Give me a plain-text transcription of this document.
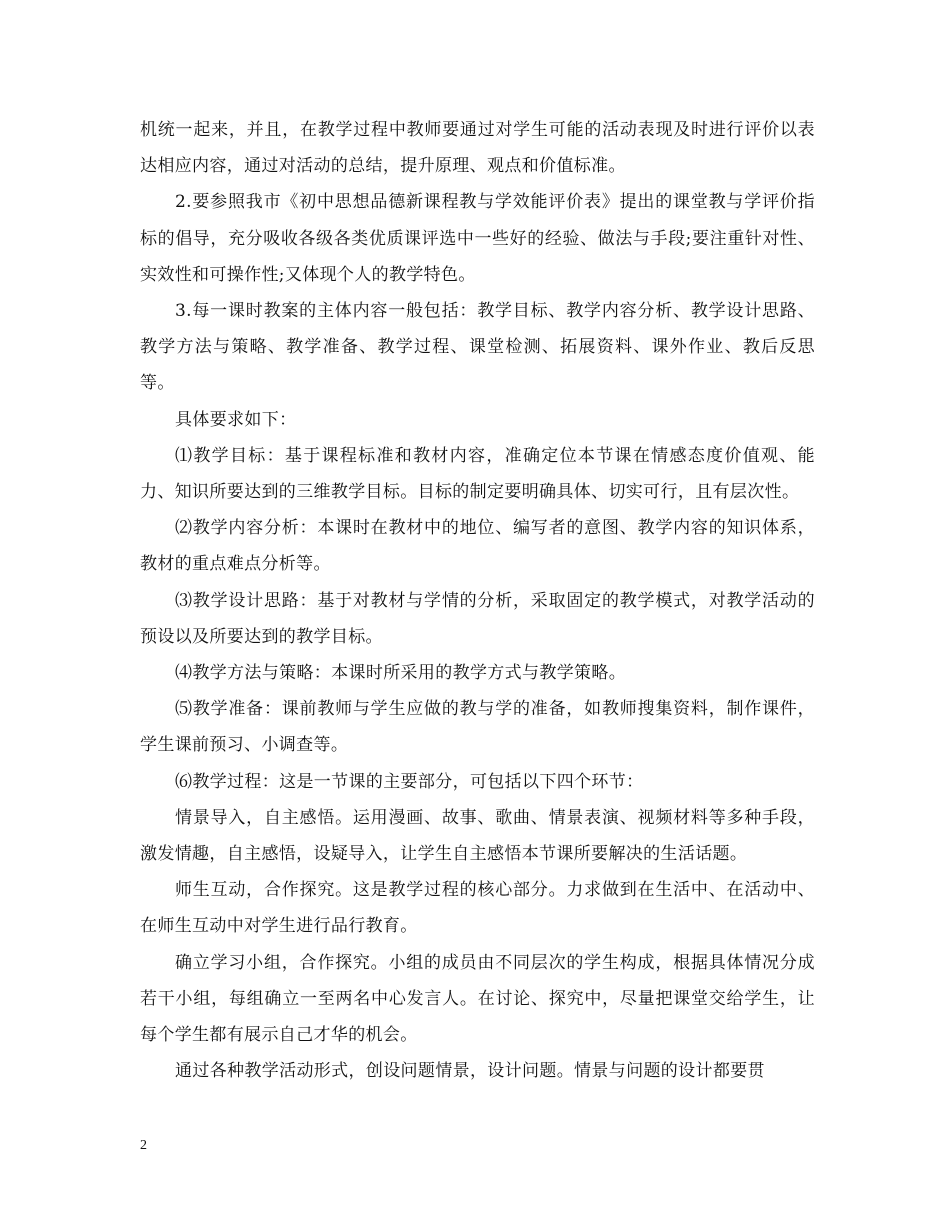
机统一起来，并且，在教学过程中教师要通过对学生可能的活动表现及时进行评价以表达相应内容，通过对活动的总结，提升原理、观点和价值标准。

2.要参照我市《初中思想品德新课程教与学效能评价表》提出的课堂教与学评价指标的倡导，充分吸收各级各类优质课评选中一些好的经验、做法与手段;要注重针对性、实效性和可操作性;又体现个人的教学特色。

3.每一课时教案的主体内容一般包括：教学目标、教学内容分析、教学设计思路、教学方法与策略、教学准备、教学过程、课堂检测、拓展资料、课外作业、教后反思等。

具体要求如下：

⑴教学目标：基于课程标准和教材内容，准确定位本节课在情感态度价值观、能力、知识所要达到的三维教学目标。目标的制定要明确具体、切实可行，且有层次性。

⑵教学内容分析：本课时在教材中的地位、编写者的意图、教学内容的知识体系，教材的重点难点分析等。

⑶教学设计思路：基于对教材与学情的分析，采取固定的教学模式，对教学活动的预设以及所要达到的教学目标。

⑷教学方法与策略：本课时所采用的教学方式与教学策略。

⑸教学准备：课前教师与学生应做的教与学的准备，如教师搜集资料，制作课件，学生课前预习、小调查等。

⑹教学过程：这是一节课的主要部分，可包括以下四个环节：

情景导入，自主感悟。运用漫画、故事、歌曲、情景表演、视频材料等多种手段，激发情趣，自主感悟，设疑导入，让学生自主感悟本节课所要解决的生活话题。

师生互动，合作探究。这是教学过程的核心部分。力求做到在生活中、在活动中、在师生互动中对学生进行品行教育。

确立学习小组，合作探究。小组的成员由不同层次的学生构成，根据具体情况分成若干小组，每组确立一至两名中心发言人。在讨论、探究中，尽量把课堂交给学生，让每个学生都有展示自己才华的机会。

通过各种教学活动形式，创设问题情景，设计问题。情景与问题的设计都要贯

2
